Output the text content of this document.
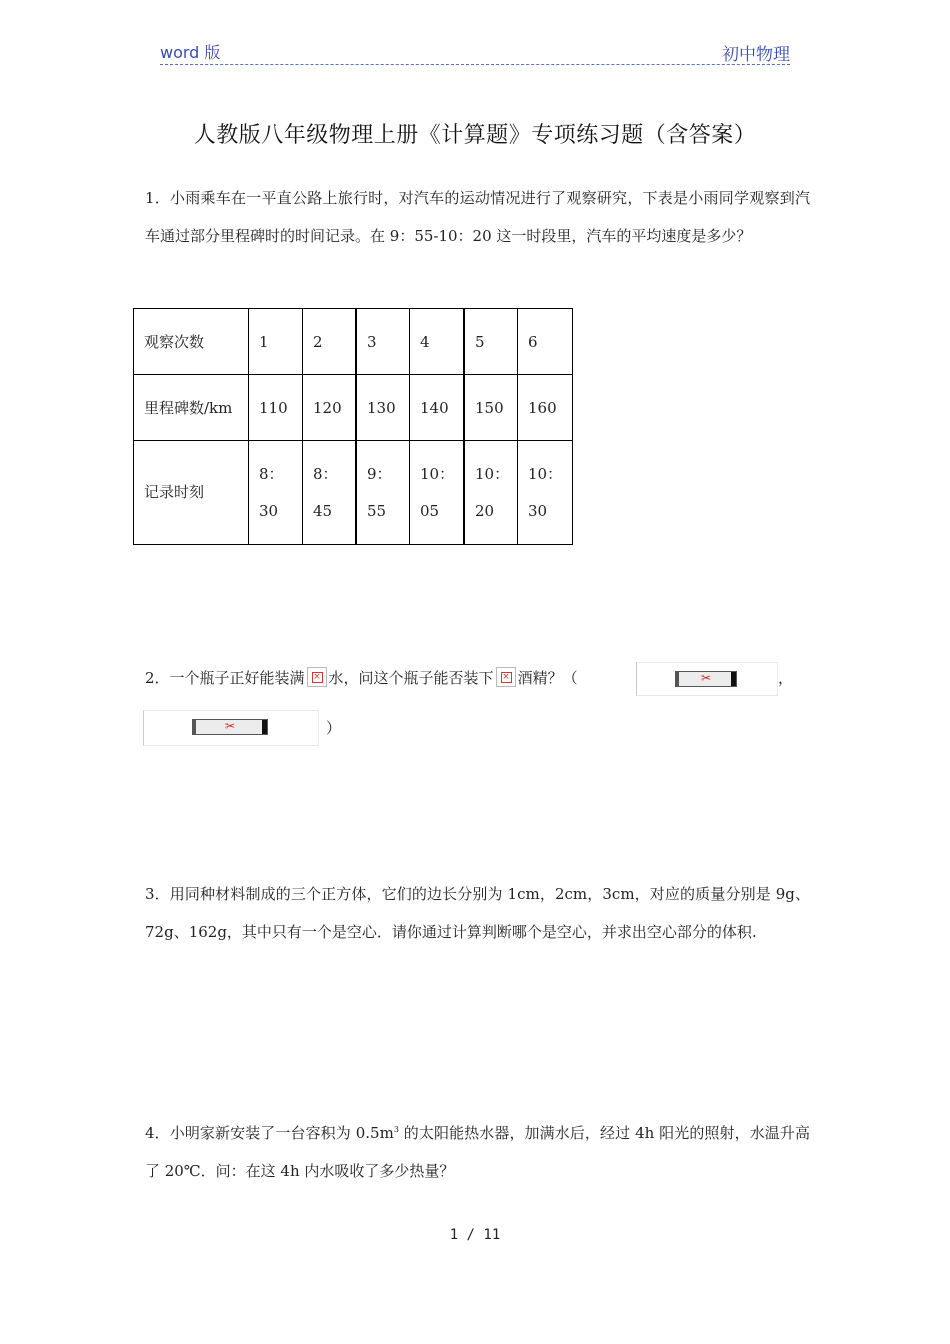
word 版	初中物理
人教版八年级物理上册《计算题》专项练习题（含答案）
1．小雨乘车在一平直公路上旅行时，对汽车的运动情况进行了观察研究，下表是小雨同学观察到汽车通过部分里程碑时的时间记录。在 9：55-10：20 这一时段里，汽车的平均速度是多少？
观察次数	1	2	3	4	5	6
里程碑数/km	110	120	130	140	150	160
记录时刻	8：30	8：45	9：55	10：05	10：20	10：30
2．一个瓶子正好能装满 × 水，问这个瓶子能否装下 × 酒精？（	✂	，
✂	）
3．用同种材料制成的三个正方体，它们的边长分别为 1cm，2cm，3cm，对应的质量分别是 9g、72g、162g，其中只有一个是空心．请你通过计算判断哪个是空心，并求出空心部分的体积.
4．小明家新安装了一台容积为 $0.5m^3$ 的太阳能热水器，加满水后，经过 4h 阳光的照射，水温升高了 20℃．问：在这 4h 内水吸收了多少热量？
1 / 11
